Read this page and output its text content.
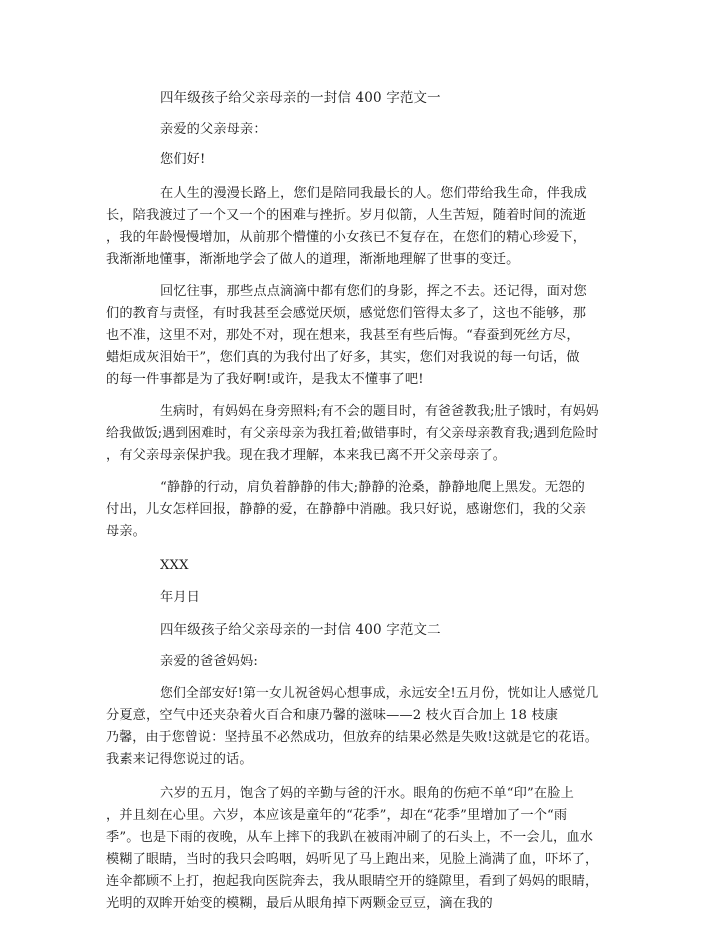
四年级孩子给父亲母亲的一封信 400 字范文一
亲爱的父亲母亲：
您们好!
在人生的漫漫长路上，您们是陪同我最长的人。您们带给我生命，伴我成
长，陪我渡过了一个又一个的困难与挫折。岁月似箭，人生苦短，随着时间的流逝
，我的年龄慢慢增加，从前那个懵懂的小女孩已不复存在，在您们的精心珍爱下，
我渐渐地懂事，渐渐地学会了做人的道理，渐渐地理解了世事的变迁。
回忆往事，那些点点滴滴中都有您们的身影，挥之不去。还记得，面对您
们的教育与责怪，有时我甚至会感觉厌烦，感觉您们管得太多了，这也不能够，那
也不准，这里不对，那处不对，现在想来，我甚至有些后悔。“春蚕到死丝方尽，
蜡炬成灰泪始干”，您们真的为我付出了好多，其实，您们对我说的每一句话，做
的每一件事都是为了我好啊!或许，是我太不懂事了吧!
生病时，有妈妈在身旁照料;有不会的题目时，有爸爸教我;肚子饿时，有妈妈
给我做饭;遇到困难时，有父亲母亲为我扛着;做错事时，有父亲母亲教育我;遇到危险时
，有父亲母亲保护我。现在我才理解，本来我已离不开父亲母亲了。
“静静的行动，肩负着静静的伟大;静静的沧桑，静静地爬上黑发。无怨的
付出，儿女怎样回报，静静的爱，在静静中消融。我只好说，感谢您们，我的父亲
母亲。
XXX
年月日
四年级孩子给父亲母亲的一封信 400 字范文二
亲爱的爸爸妈妈:
您们全部安好!第一女儿祝爸妈心想事成，永远安全!五月份，恍如让人感觉几
分夏意，空气中还夹杂着火百合和康乃馨的滋味——2 枝火百合加上 18 枝康
乃馨，由于您曾说：坚持虽不必然成功，但放弃的结果必然是失败!这就是它的花语。
我素来记得您说过的话。
六岁的五月，饱含了妈的辛勤与爸的汗水。眼角的伤疤不单“印”在脸上
，并且刻在心里。六岁，本应该是童年的“花季”，却在“花季”里增加了一个“雨
季”。也是下雨的夜晚，从车上摔下的我趴在被雨冲刷了的石头上，不一会儿，血水
模糊了眼睛，当时的我只会呜咽，妈听见了马上跑出来，见脸上淌满了血，吓坏了，
连伞都顾不上打，抱起我向医院奔去，我从眼睛空开的缝隙里，看到了妈妈的眼睛，
光明的双眸开始变的模糊，最后从眼角掉下两颗金豆豆，滴在我的
